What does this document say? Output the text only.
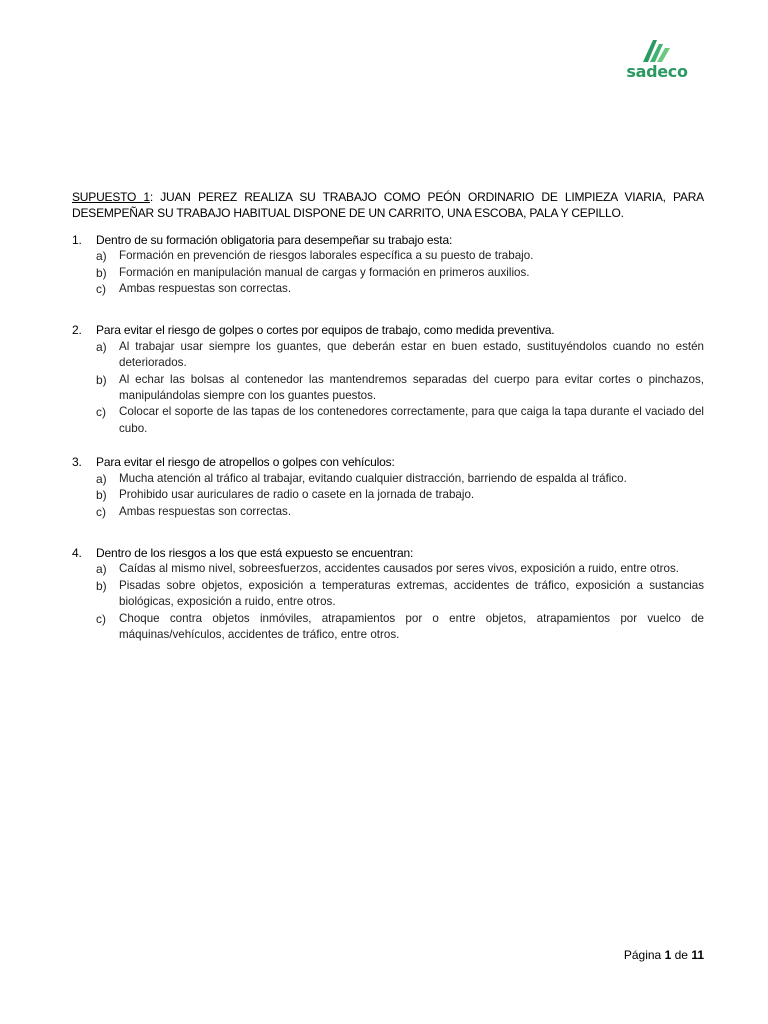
sadeco

SUPUESTO 1: JUAN PEREZ REALIZA SU TRABAJO COMO PEÓN ORDINARIO DE LIMPIEZA VIARIA, PARA DESEMPEÑAR SU TRABAJO HABITUAL DISPONE DE UN CARRITO, UNA ESCOBA, PALA Y CEPILLO.

1.	Dentro de su formación obligatoria para desempeñar su trabajo esta:

a)	Formación en prevención de riesgos laborales específica a su puesto de trabajo.
b)	Formación en manipulación manual de cargas y formación en primeros auxilios.
c)	Ambas respuestas son correctas.

2.	Para evitar el riesgo de golpes o cortes por equipos de trabajo, como medida preventiva.

a)	Al trabajar usar siempre los guantes, que deberán estar en buen estado, sustituyéndolos cuando no estén deteriorados.
b)	Al echar las bolsas al contenedor las mantendremos separadas del cuerpo para evitar cortes o pinchazos, manipulándolas siempre con los guantes puestos.
c)	Colocar el soporte de las tapas de los contenedores correctamente, para que caiga la tapa durante el vaciado del cubo.

3.	Para evitar el riesgo de atropellos o golpes con vehículos:

a)	Mucha atención al tráfico al trabajar, evitando cualquier distracción, barriendo de espalda al tráfico.
b)	Prohibido usar auriculares de radio o casete en la jornada de trabajo.
c)	Ambas respuestas son correctas.

4.	Dentro de los riesgos a los que está expuesto se encuentran:

a)	Caídas al mismo nivel, sobreesfuerzos, accidentes causados por seres vivos, exposición a ruido, entre otros.
b)	Pisadas sobre objetos, exposición a temperaturas extremas, accidentes de tráfico, exposición a sustancias biológicas, exposición a ruido, entre otros.
c)	Choque contra objetos inmóviles, atrapamientos por o entre objetos, atrapamientos por vuelco de máquinas/vehículos, accidentes de tráfico, entre otros.
Página 1 de 11
